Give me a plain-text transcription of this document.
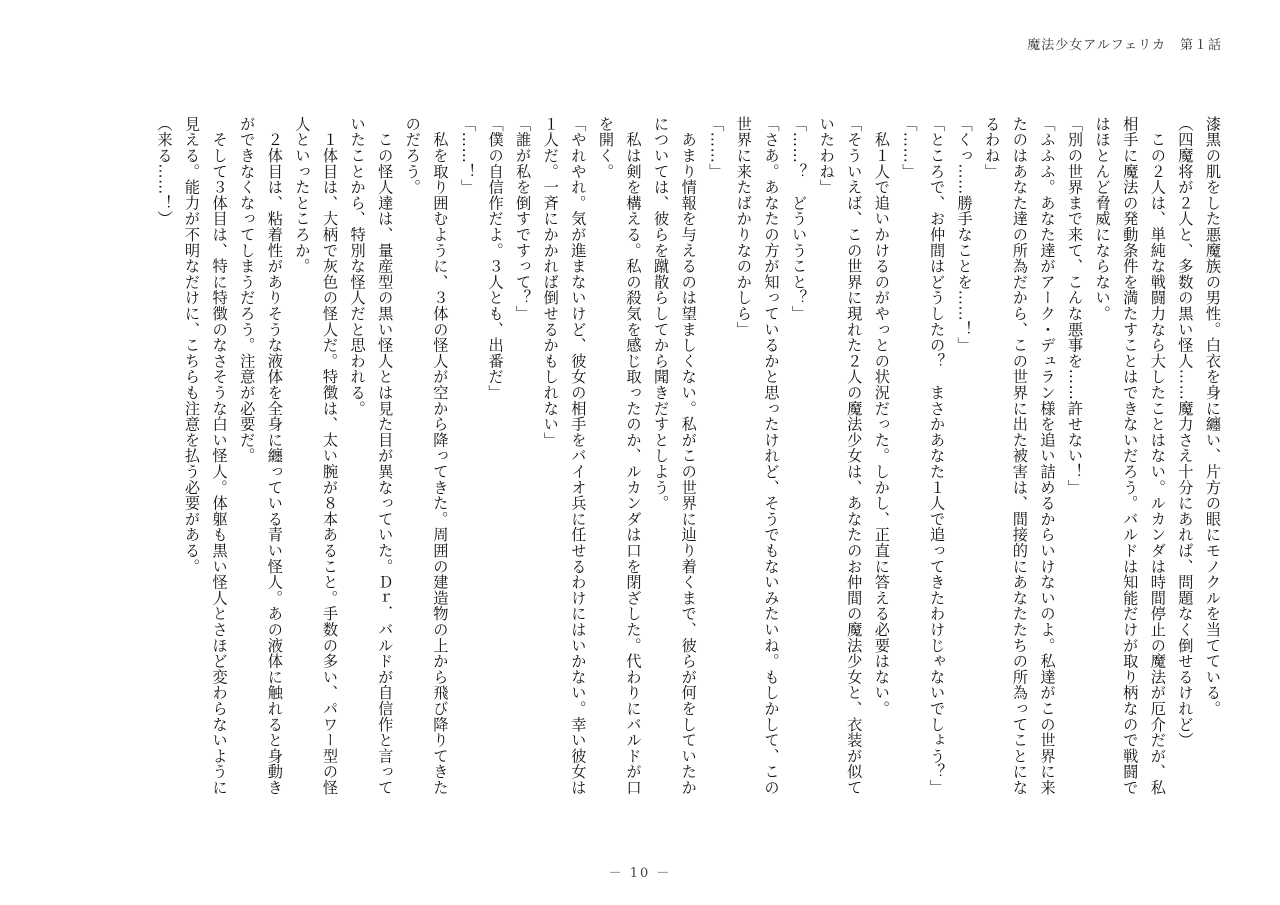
魔法少女アルフェリカ 第１話

漆黒の肌をした悪魔族の男性。白衣を身に纏い、片方の眼にモノクルを当てている。

（四魔将が２人と、多数の黒い怪人……魔力さえ十分にあれば、問題なく倒せるけれど）

　この２人は、単純な戦闘力なら大したことはない。ルカンダは時間停止の魔法が厄介だが、私相手に魔法の発動条件を満たすことはできないだろう。バルドは知能だけが取り柄なので戦闘ではほとんど脅威にならない。

「別の世界まで来て、こんな悪事を……許せない！」

「ふふふ。あなた達がアーク・デュラン様を追い詰めるからいけないのよ。私達がこの世界に来たのはあなた達の所為だから、この世界に出た被害は、間接的にあなたたちの所為ってことになるわね」

「くっ……勝手なことを……！」

「ところで、お仲間はどうしたの？　まさかあなた１人で追ってきたわけじゃないでしょう？」

「……」

　私１人で追いかけるのがやっとの状況だった。しかし、正直に答える必要はない。

「そういえば、この世界に現れた２人の魔法少女は、あなたのお仲間の魔法少女と、衣装が似ていたわね」

「……？　どういうこと？」

「さあ。あなたの方が知っているかと思ったけれど、そうでもないみたいね。もしかして、この世界に来たばかりなのかしら」

「……」

　あまり情報を与えるのは望ましくない。私がこの世界に辿り着くまで、彼らが何をしていたかについては、彼らを蹴散らしてから聞きだすとしよう。

　私は剣を構える。私の殺気を感じ取ったのか、ルカンダは口を閉ざした。代わりにバルドが口を開く。

「やれやれ。気が進まないけど、彼女の相手をバイオ兵に任せるわけにはいかない。幸い彼女は１人だ。一斉にかかれば倒せるかもしれない」

「誰が私を倒すですって？」

「僕の自信作だよ。３人とも、出番だ」

「……！」

　私を取り囲むように、３体の怪人が空から降ってきた。周囲の建造物の上から飛び降りてきたのだろう。

　この怪人達は、量産型の黒い怪人とは見た目が異なっていた。Ｄｒ．バルドが自信作と言っていたことから、特別な怪人だと思われる。

　１体目は、大柄で灰色の怪人だ。特徴は、太い腕が８本あること。手数の多い、パワー型の怪人といったところか。

　２体目は、粘着性がありそうな液体を全身に纏っている青い怪人。あの液体に触れると身動きができなくなってしまうだろう。注意が必要だ。

　そして３体目は、特に特徴のなさそうな白い怪人。体躯も黒い怪人とさほど変わらないように見える。能力が不明なだけに、こちらも注意を払う必要がある。

（来る……！）

－ 10 －
